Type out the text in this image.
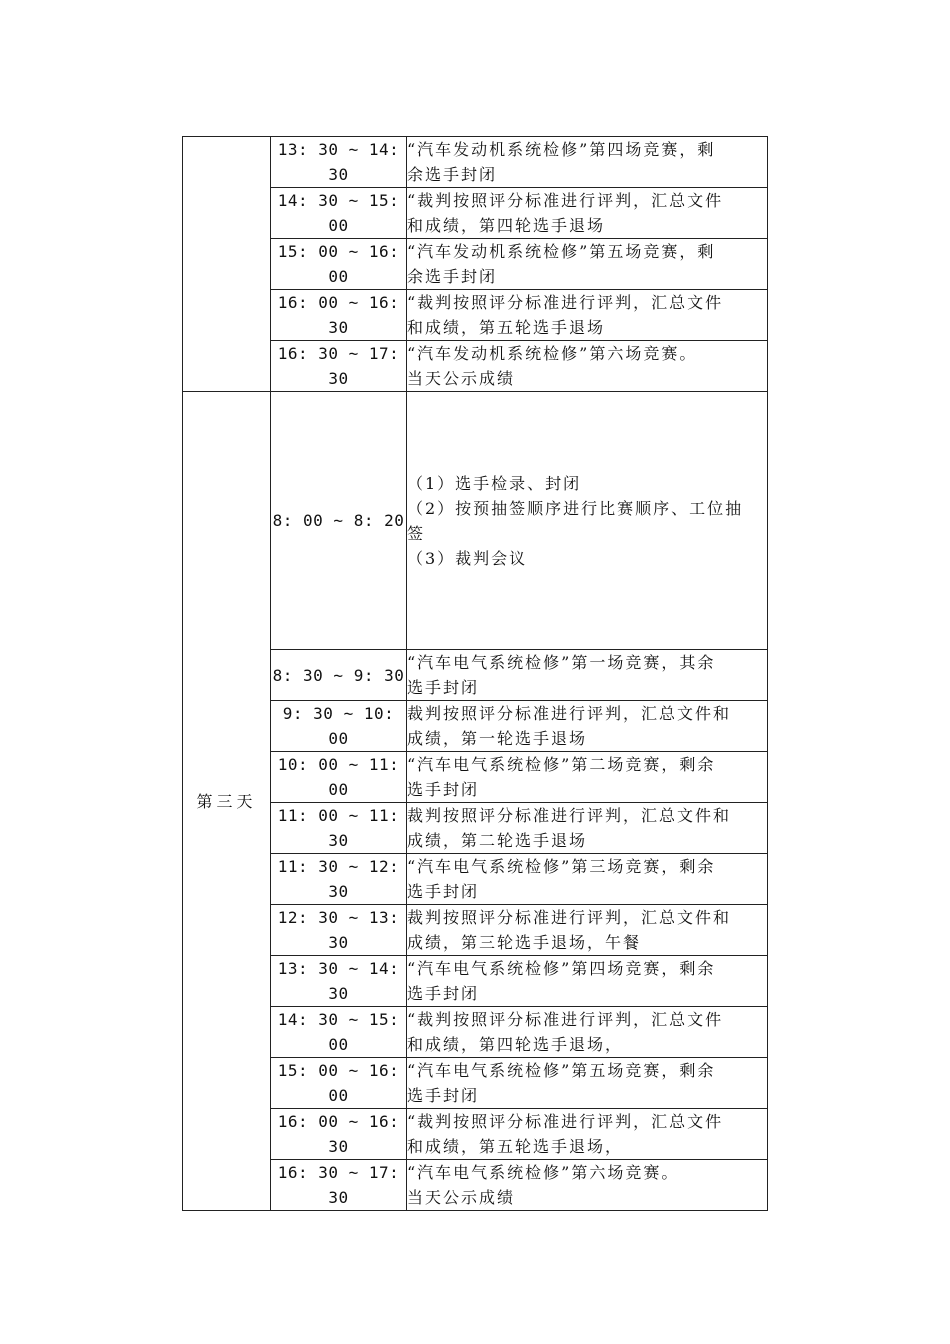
	13: 30 ~ 14: 30	“汽车发动机系统检修”第四场竞赛，剩
余选手封闭

	14: 30 ~ 15: 00	“裁判按照评分标准进行评判，汇总文件
和成绩，第四轮选手退场

	15: 00 ~ 16: 00	“汽车发动机系统检修”第五场竞赛，剩
余选手封闭

	16: 00 ~ 16: 30	“裁判按照评分标准进行评判，汇总文件
和成绩，第五轮选手退场

	16: 30 ~ 17: 30	“汽车发动机系统检修”第六场竞赛。
当天公示成绩

第三天	8: 00 ~ 8: 20	（1）选手检录、封闭
（2）按预抽签顺序进行比赛顺序、工位抽
签
（3）裁判会议

	8: 30 ~ 9: 30	“汽车电气系统检修”第一场竞赛，其余
选手封闭

	9: 30 ~ 10: 00	裁判按照评分标准进行评判，汇总文件和
成绩，第一轮选手退场

	10: 00 ~ 11: 00	“汽车电气系统检修”第二场竞赛，剩余
选手封闭

	11: 00 ~ 11: 30	裁判按照评分标准进行评判，汇总文件和
成绩，第二轮选手退场

	11: 30 ~ 12: 30	“汽车电气系统检修”第三场竞赛，剩余
选手封闭

	12: 30 ~ 13: 30	裁判按照评分标准进行评判，汇总文件和
成绩，第三轮选手退场，午餐

	13: 30 ~ 14: 30	“汽车电气系统检修”第四场竞赛，剩余
选手封闭

	14: 30 ~ 15: 00	“裁判按照评分标准进行评判，汇总文件
和成绩，第四轮选手退场，

	15: 00 ~ 16: 00	“汽车电气系统检修”第五场竞赛，剩余
选手封闭

	16: 00 ~ 16: 30	“裁判按照评分标准进行评判，汇总文件
和成绩，第五轮选手退场，

	16: 30 ~ 17: 30	“汽车电气系统检修”第六场竞赛。
当天公示成绩
